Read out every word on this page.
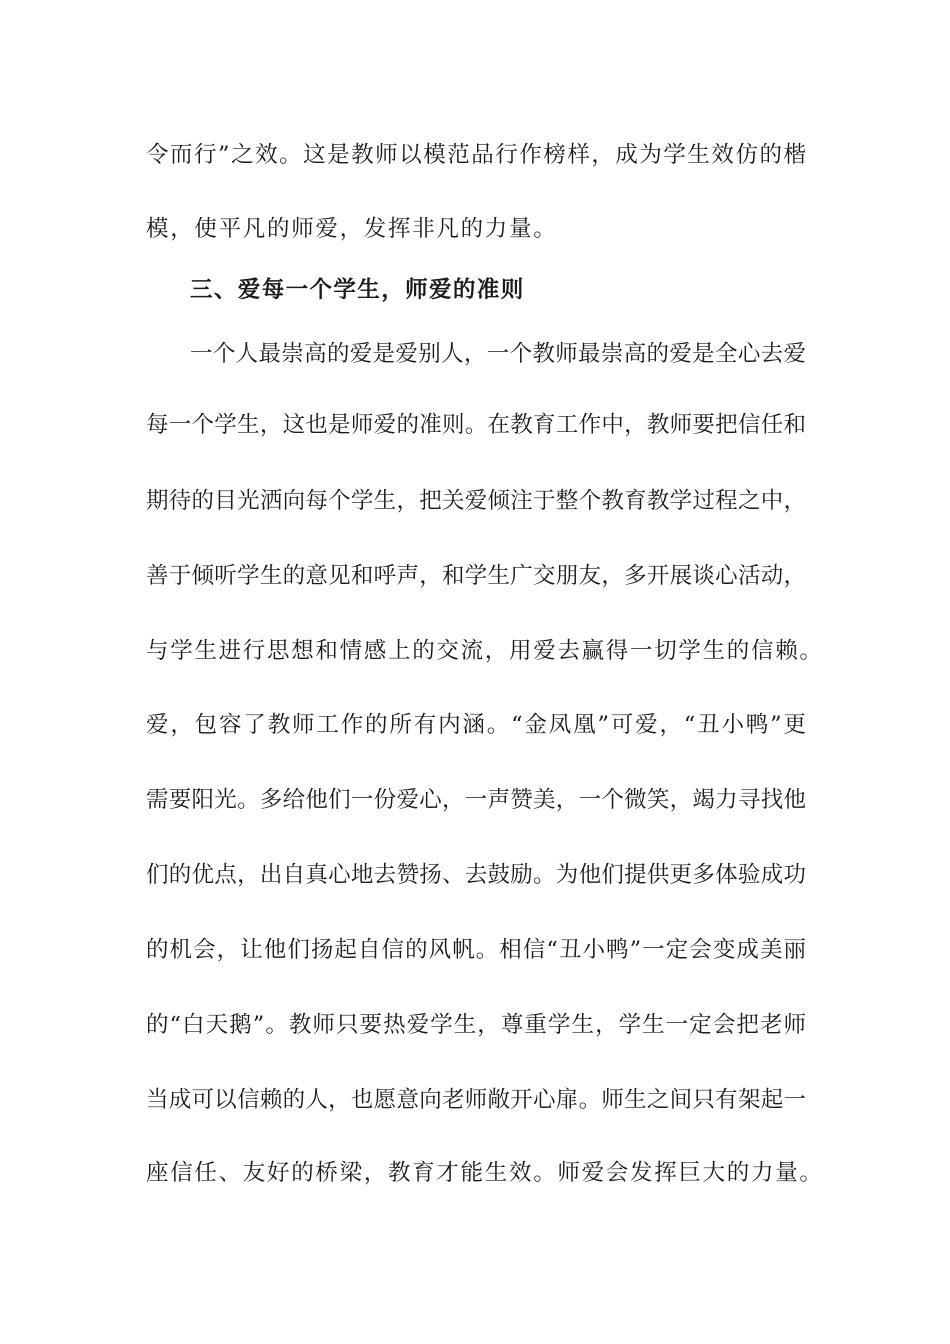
令而行”之效。这是教师以模范品行作榜样，成为学生效仿的楷
模，使平凡的师爱，发挥非凡的力量。
三、爱每一个学生，师爱的准则
一个人最崇高的爱是爱别人，一个教师最崇高的爱是全心去爱
每一个学生，这也是师爱的准则。在教育工作中，教师要把信任和
期待的目光洒向每个学生，把关爱倾注于整个教育教学过程之中，
善于倾听学生的意见和呼声，和学生广交朋友，多开展谈心活动，
与学生进行思想和情感上的交流，用爱去赢得一切学生的信赖。
爱，包容了教师工作的所有内涵。“金凤凰”可爱，“丑小鸭”更
需要阳光。多给他们一份爱心，一声赞美，一个微笑，竭力寻找他
们的优点，出自真心地去赞扬、去鼓励。为他们提供更多体验成功
的机会，让他们扬起自信的风帆。相信“丑小鸭”一定会变成美丽
的“白天鹅”。教师只要热爱学生，尊重学生，学生一定会把老师
当成可以信赖的人，也愿意向老师敞开心扉。师生之间只有架起一
座信任、友好的桥梁，教育才能生效。师爱会发挥巨大的力量。
